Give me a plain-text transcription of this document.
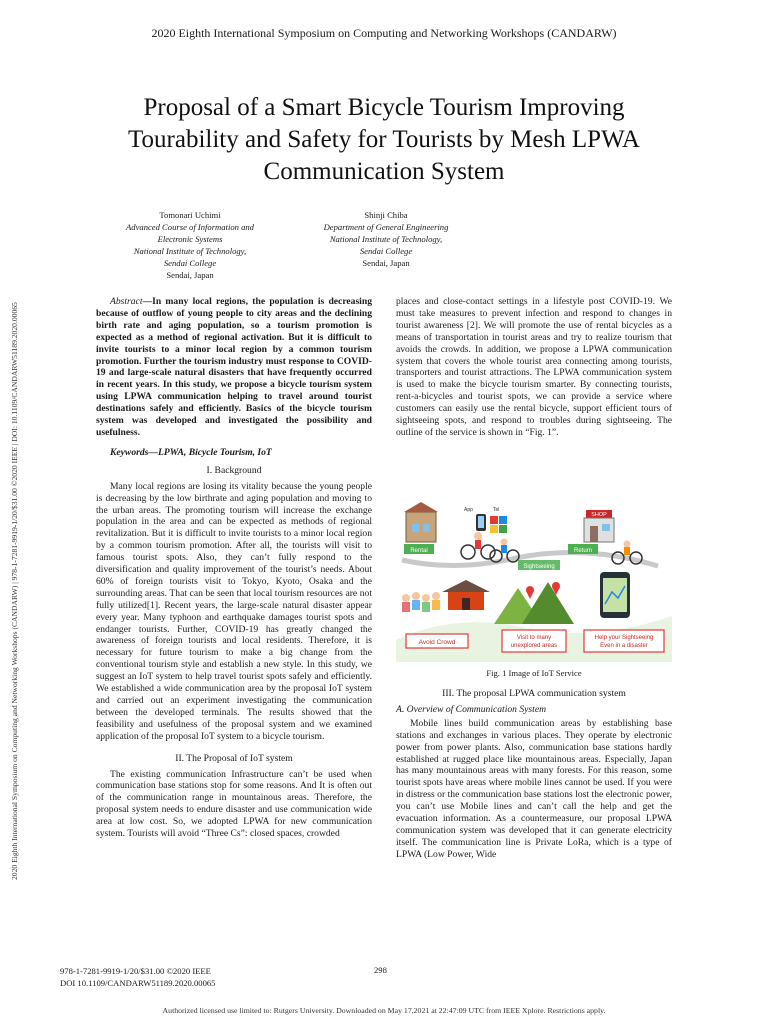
2020 Eighth International Symposium on Computing and Networking Workshops (CANDARW)
2020 Eighth International Symposium on Computing and Networking Workshops (CANDARW) | 978-1-7281-9919-1/20/$31.00 ©2020 IEEE | DOI: 10.1109/CANDARW51189.2020.00065
Proposal of a Smart Bicycle Tourism Improving
Tourability and Safety for Tourists by Mesh LPWA
Communication System
Tomonari Uchimi
Advanced Course of Information and
Electronic Systems
National Institute of Technology,
Sendai College
Sendai, Japan
Shinji Chiba
Department of General Engineering
National Institute of Technology,
Sendai College
Sendai, Japan

Abstract—In many local regions, the population is decreasing because of outflow of young people to city areas and the declining birth rate and aging population, so a tourism promotion is expected as a method of regional activation. But it is difficult to invite tourists to a minor local region by a common tourism promotion. Further the tourism industry must response to COVID-19 and large-scale natural disasters that have frequently occurred in recent years. In this study, we propose a bicycle tourism system using LPWA communication helping to travel around tourist destinations safely and efficiently. Basics of the bicycle tourism system was developed and investigated the possibility and usefulness.

Keywords—LPWA, Bicycle Tourism, IoT

I. Background

Many local regions are losing its vitality because the young people is decreasing by the low birthrate and aging population and moving to the urban areas. The promoting tourism will increase the exchange population in the area and can be expected as methods of regional revitalization. But it is difficult to invite tourists to a minor local region by a common tourism promotion. After all, the tourists will visit to famous tourist spots. Also, they can’t fully respond to the diversification and quality improvement of the tourist’s needs. About 60% of foreign tourists visit to Tokyo, Kyoto, Osaka and the surrounding areas. That can be seen that local tourism resources are not fully utilized[1]. Recent years, the large-scale natural disaster appear every year. Many typhoon and earthquake damages tourist spots and endanger tourists. Further, COVID-19 has greatly changed the awareness of foreign tourists and local residents. Therefore, it is necessary for future tourism to make a big change from the conventional tourism style and establish a new style. In this study, we suggest an IoT system to help travel tourist spots safely and efficiently. We established a wide communication area by the proposal IoT system and carried out an experiment investigating the communication between the developed terminals. The results showed that the feasibility and usefulness of the proposal system and we examined application of the proposal IoT system to a bicycle tourism.

II. The Proposal of IoT system

The existing communication Infrastructure can’t be used when communication base stations stop for some reasons. And It is often out of the communication range in mountainous areas. Therefore, the proposal system needs to endure disaster and use communication wide area at low cost. So, we adopted LPWA for new communication system. Tourists will avoid “Three Cs”: closed spaces, crowded

places and close-contact settings in a lifestyle post COVID-19. We must take measures to prevent infection and respond to changes in tourist awareness [2]. We will promote the use of rental bicycles as a means of transportation in tourist areas and try to realize tourism that avoids the crowds. In addition, we propose a LPWA communication system that covers the whole tourist area connecting among tourists, transporters and tourist attractions. The LPWA communication system is used to make the bicycle tourism smarter. By connecting tourists, rent-a-bicycles and tourist spots, we can provide a service where customers can easily use the rental bicycle, support efficient tours of sightseeing spots, and respond to troubles during sightseeing. The outline of the service is shown in “Fig. 1”.

Rental
App	Tel
SHOP
Return
Sightseeing
Avoid Crowd
Visit to many
unexplored areas
Help your Sightseeing
Even in a disaster
Fig. 1 Image of IoT Service

III. The proposal LPWA communication system

A. Overview of Communication System

Mobile lines build communication areas by establishing base stations and exchanges in various places. They operate by electronic power from power plants. Also, communication base stations hardly established at rugged place like mountainous areas. Especially, Japan has many mountainous areas with many forests. For this reason, some tourist spots have areas where mobile lines cannot be used. If you were in distress or the communication base stations lost the electronic power, you can’t use Mobile lines and can’t call the help and get the evacuation information. As a countermeasure, our proposal LPWA communication system was developed that it can generate electricity itself. The communication line is Private LoRa, which is a type of LPWA (Low Power, Wide

978-1-7281-9919-1/20/$31.00 ©2020 IEEE
DOI 10.1109/CANDARW51189.2020.00065
298
Authorized licensed use limited to: Rutgers University. Downloaded on May 17,2021 at 22:47:09 UTC from IEEE Xplore. Restrictions apply.
